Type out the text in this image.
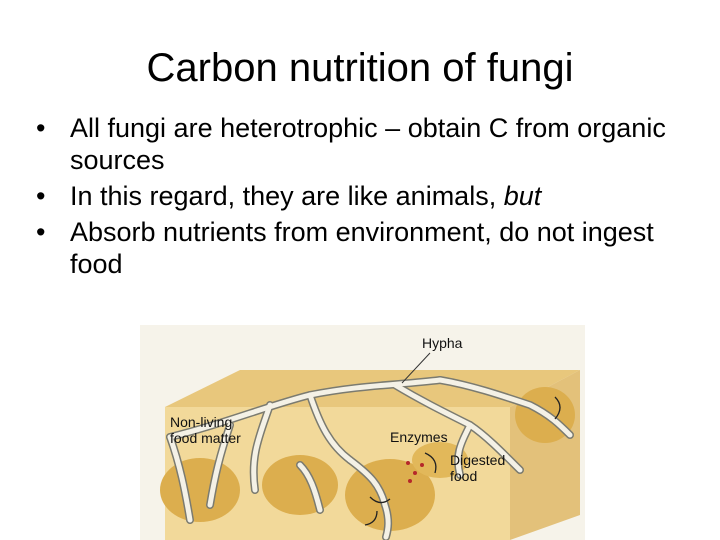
Carbon nutrition of fungi
• All fungi are heterotrophic – obtain C from organic sources
• In this regard, they are like animals, but
• Absorb nutrients from environment, do not ingest food
Hypha
Non-living food matter	Enzymes
Digested food
